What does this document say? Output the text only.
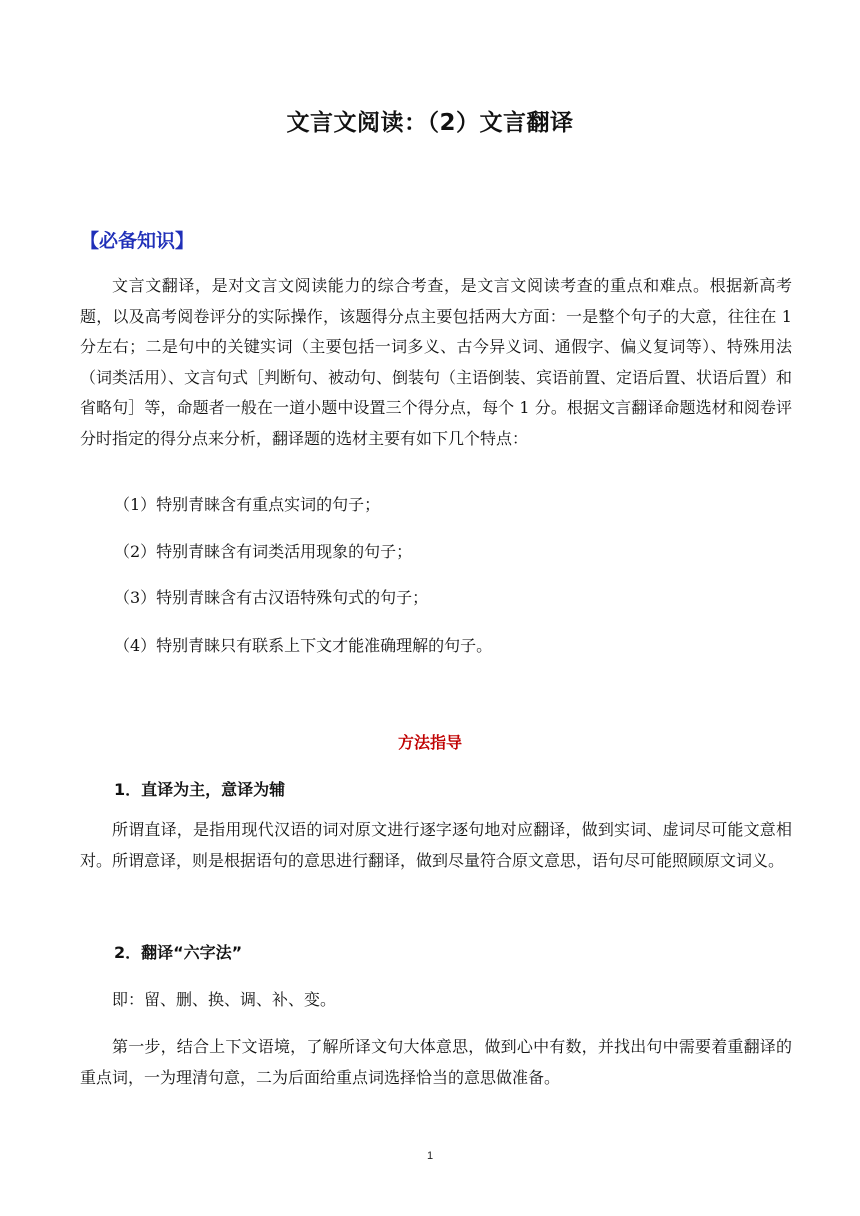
文言文阅读：（2）文言翻译
【必备知识】
文言文翻译，是对文言文阅读能力的综合考查，是文言文阅读考查的重点和难点。根据新高考题，以及高考阅卷评分的实际操作，该题得分点主要包括两大方面：一是整个句子的大意，往往在 1 分左右；二是句中的关键实词（主要包括一词多义、古今异义词、通假字、偏义复词等）、特殊用法（词类活用）、文言句式［判断句、被动句、倒装句（主语倒装、宾语前置、定语后置、状语后置）和省略句］等，命题者一般在一道小题中设置三个得分点，每个 1 分。根据文言翻译命题选材和阅卷评分时指定的得分点来分析，翻译题的选材主要有如下几个特点：
（1）特别青睐含有重点实词的句子；
（2）特别青睐含有词类活用现象的句子；
（3）特别青睐含有古汉语特殊句式的句子；
（4）特别青睐只有联系上下文才能准确理解的句子。
方法指导
1．直译为主，意译为辅
所谓直译，是指用现代汉语的词对原文进行逐字逐句地对应翻译，做到实词、虚词尽可能文意相对。所谓意译，则是根据语句的意思进行翻译，做到尽量符合原文意思，语句尽可能照顾原文词义。
2．翻译“六字法”
即：留、删、换、调、补、变。
第一步，结合上下文语境，了解所译文句大体意思，做到心中有数，并找出句中需要着重翻译的重点词，一为理清句意，二为后面给重点词选择恰当的意思做准备。
1
